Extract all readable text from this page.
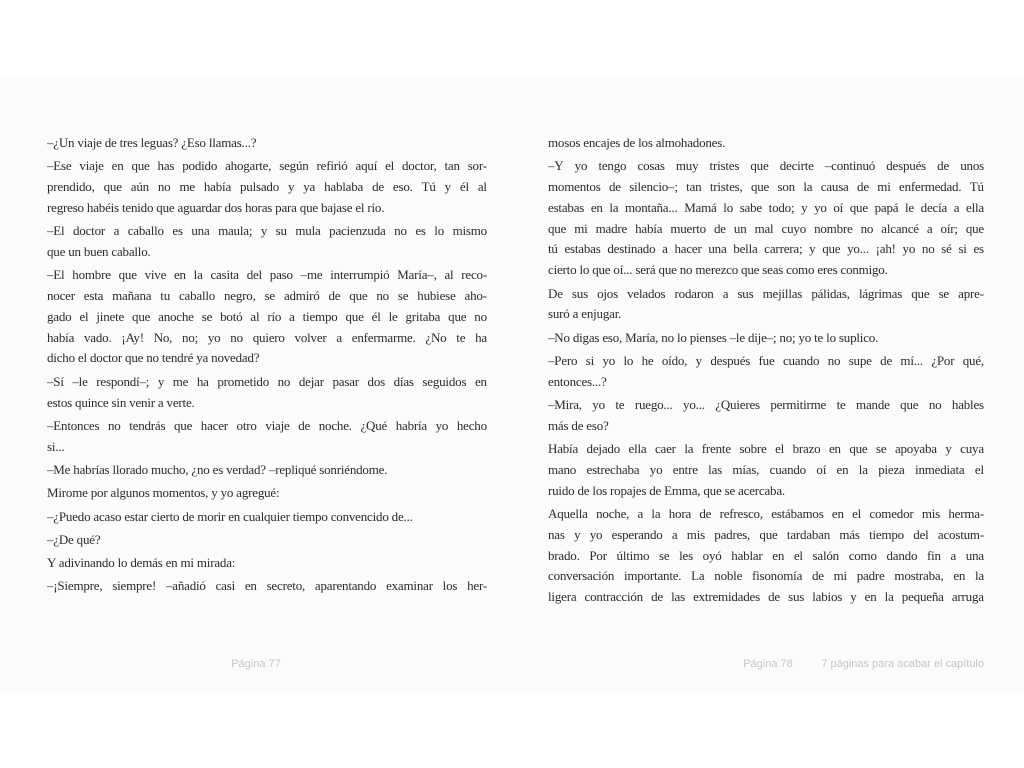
–¿Un viaje de tres leguas? ¿Eso llamas...?
–Ese viaje en que has podido ahogarte, según refirió aquí el doctor, tan sor-
prendido, que aún no me había pulsado y ya hablaba de eso. Tú y él al
regreso habéis tenido que aguardar dos horas para que bajase el río.
–El doctor a caballo es una maula; y su mula pacienzuda no es lo mismo
que un buen caballo.
–El hombre que vive en la casita del paso –me interrumpió María–, al reco-
nocer esta mañana tu caballo negro, se admiró de que no se hubiese aho-
gado el jinete que anoche se botó al río a tiempo que él le gritaba que no
había vado. ¡Ay! No, no; yo no quiero volver a enfermarme. ¿No te ha
dicho el doctor que no tendré ya novedad?
–Sí –le respondí–; y me ha prometido no dejar pasar dos días seguidos en
estos quince sin venir a verte.
–Entonces no tendrás que hacer otro viaje de noche. ¿Qué habría yo hecho
si...
–Me habrías llorado mucho, ¿no es verdad? –repliqué sonriéndome.
Mirome por algunos momentos, y yo agregué:
–¿Puedo acaso estar cierto de morir en cualquier tiempo convencido de...
–¿De qué?
Y adivinando lo demás en mi mirada:
–¡Siempre, siempre! –añadió casi en secreto, aparentando examinar los her-
Página 77
mosos encajes de los almohadones.
–Y yo tengo cosas muy tristes que decirte –continuó después de unos
momentos de silencio–; tan tristes, que son la causa de mi enfermedad. Tú
estabas en la montaña... Mamá lo sabe todo; y yo oí que papá le decía a ella
que mi madre había muerto de un mal cuyo nombre no alcancé a oír; que
tú estabas destinado a hacer una bella carrera; y que yo... ¡ah! yo no sé si es
cierto lo que oí... será que no merezco que seas como eres conmigo.
De sus ojos velados rodaron a sus mejillas pálidas, lágrimas que se apre-
suró a enjugar.
–No digas eso, María, no lo pienses –le dije–; no; yo te lo suplico.
–Pero si yo lo he oído, y después fue cuando no supe de mí... ¿Por qué,
entonces...?
–Mira, yo te ruego... yo... ¿Quieres permitirme te mande que no hables
más de eso?
Había dejado ella caer la frente sobre el brazo en que se apoyaba y cuya
mano estrechaba yo entre las mías, cuando oí en la pieza inmediata el
ruido de los ropajes de Emma, que se acercaba.
Aquella noche, a la hora de refresco, estábamos en el comedor mis herma-
nas y yo esperando a mis padres, que tardaban más tiempo del acostum-
brado. Por último se les oyó hablar en el salón como dando fin a una
conversación importante. La noble fisonomía de mi padre mostraba, en la
ligera contracción de las extremidades de sus labios y en la pequeña arruga
Página 78	7 páginas para acabar el capítulo
